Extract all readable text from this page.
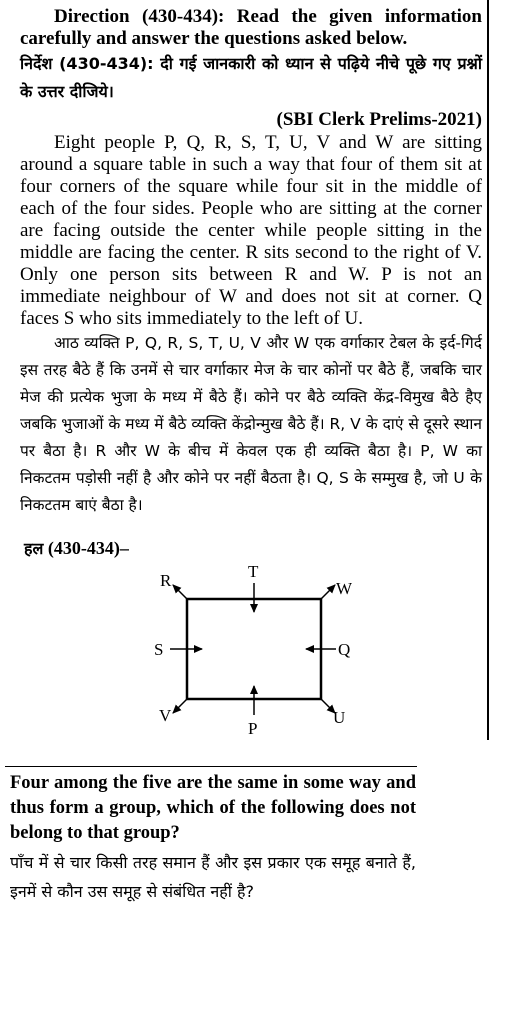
Direction (430-434): Read the given information carefully and answer the questions asked below.

निर्देश (430-434): दी गई जानकारी को ध्यान से पढ़िये नीचे पूछे गए प्रश्नों के उत्तर दीजिये।

(SBI Clerk Prelims-2021)

Eight people P, Q, R, S, T, U, V and W are sitting around a square table in such a way that four of them sit at four corners of the square while four sit in the middle of each of the four sides. People who are sitting at the corner are facing outside the center while people sitting in the middle are facing the center. R sits second to the right of V. Only one person sits between R and W. P is not an immediate neighbour of W and does not sit at corner. Q faces S who sits immediately to the left of U.

आठ व्यक्ति P, Q, R, S, T, U, V और W एक वर्गाकार टेबल के इर्द-गिर्द इस तरह बैठे हैं कि उनमें से चार वर्गाकार मेज के चार कोनों पर बैठे हैं, जबकि चार मेज की प्रत्येक भुजा के मध्य में बैठे हैं। कोने पर बैठे व्यक्ति केंद्र-विमुख बैठे हैए जबकि भुजाओं के मध्य में बैठे व्यक्ति केंद्रोन्मुख बैठे हैं। R, V के दाएं से दूसरे स्थान पर बैठा है। R और W के बीच में केवल एक ही व्यक्ति बैठा है। P, W का निकटतम पड़ोसी नहीं है और कोने पर नहीं बैठता है। Q, S के सम्मुख है, जो U के निकटतम बाएं बैठा है।

हल (430-434)–
R	W
V	U
T
P
S	Q

Four among the five are the same in some way and thus form a group, which of the following does not belong to that group?

पाँच में से चार किसी तरह समान हैं और इस प्रकार एक समूह बनाते हैं, इनमें से कौन उस समूह से संबंधित नहीं है?
